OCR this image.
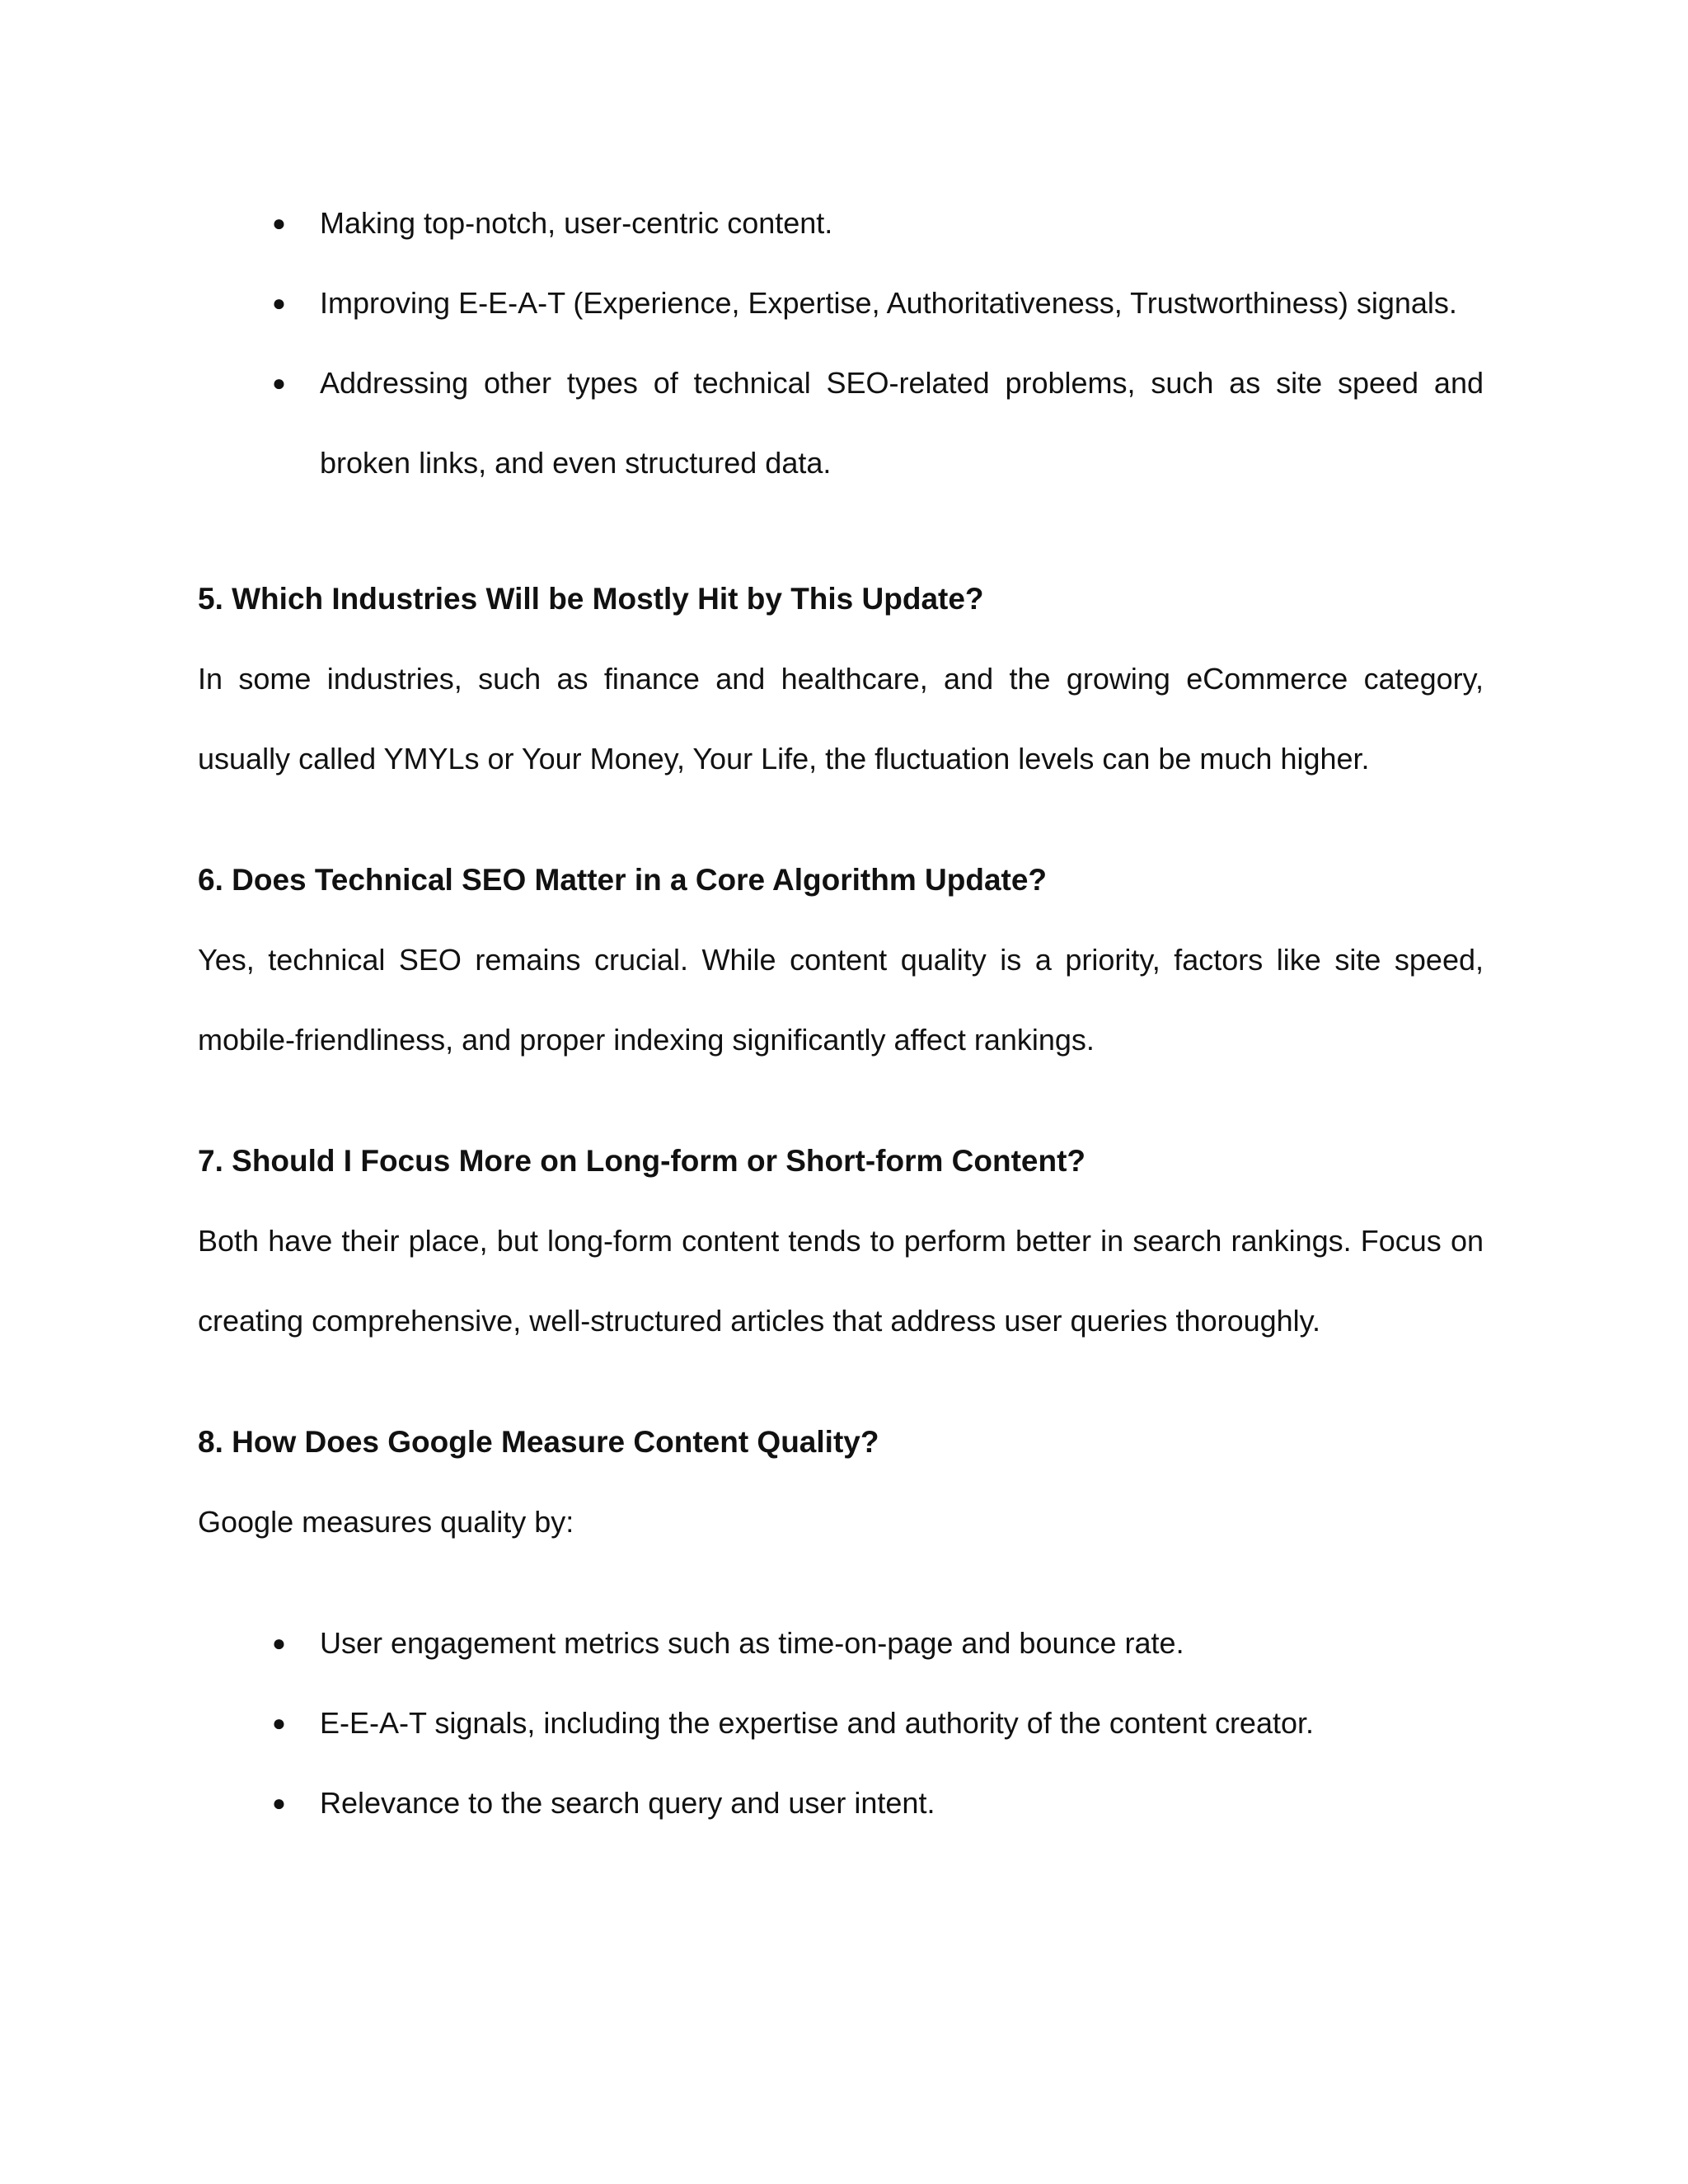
● Making top-notch, user-centric content.
● Improving E-E-A-T (Experience, Expertise, Authoritativeness, Trustworthiness) signals.
● Addressing other types of technical SEO-related problems, such as site speed and broken links, and even structured data.
5. Which Industries Will be Mostly Hit by This Update?

In some industries, such as finance and healthcare, and the growing eCommerce category, usually called YMYLs or Your Money, Your Life, the fluctuation levels can be much higher.

6. Does Technical SEO Matter in a Core Algorithm Update?

Yes, technical SEO remains crucial. While content quality is a priority, factors like site speed, mobile-friendliness, and proper indexing significantly affect rankings.

7. Should I Focus More on Long-form or Short-form Content?

Both have their place, but long-form content tends to perform better in search rankings. Focus on creating comprehensive, well-structured articles that address user queries thoroughly.

8. How Does Google Measure Content Quality?

Google measures quality by:

● User engagement metrics such as time-on-page and bounce rate.
● E-E-A-T signals, including the expertise and authority of the content creator.
● Relevance to the search query and user intent.
